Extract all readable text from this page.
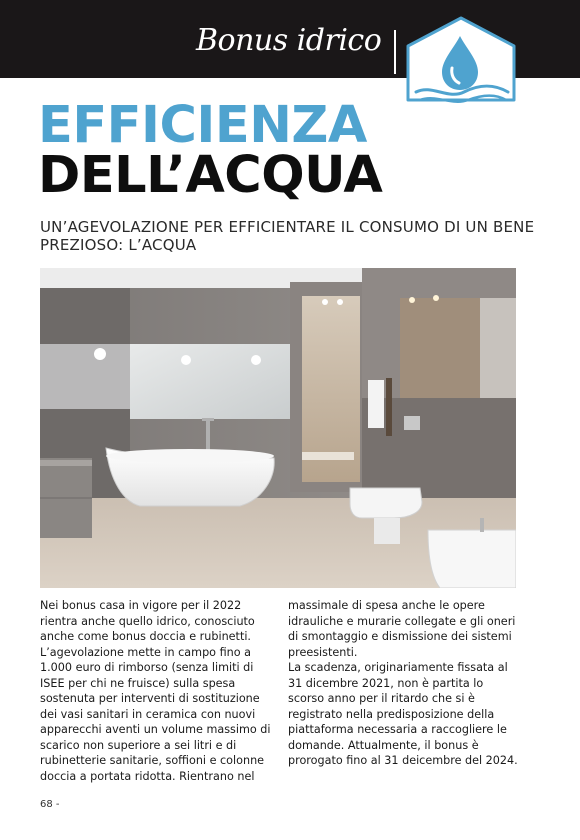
Bonus idrico
EFFICIENZA
DELL’ACQUA
UN’AGEVOLAZIONE PER EFFICIENTARE IL CONSUMO DI UN BENE PREZIOSO: L’ACQUA

Nei bonus casa in vigore per il 2022 rientra anche quello idrico, conosciuto anche come bonus doccia e rubinetti. L’agevolazione mette in campo fino a 1.000 euro di rimborso (senza limiti di ISEE per chi ne fruisce) sulla spesa sostenuta per interventi di sostituzione dei vasi sanitari in ceramica con nuovi apparecchi aventi un volume massimo di scarico non superiore a sei litri e di rubinetterie sanitarie, soffioni e colonne doccia a portata ridotta. Rientrano nel

massimale di spesa anche le opere idrauliche e murarie collegate e gli oneri di smontaggio e dismissione dei sistemi preesistenti.

La scadenza, originariamente fissata al 31 dicembre 2021, non è partita lo scorso anno per il ritardo che si è registrato nella predisposizione della piattaforma necessaria a raccogliere le domande. Attualmente, il bonus è prorogato fino al 31 deicembre del 2024.

68 -
